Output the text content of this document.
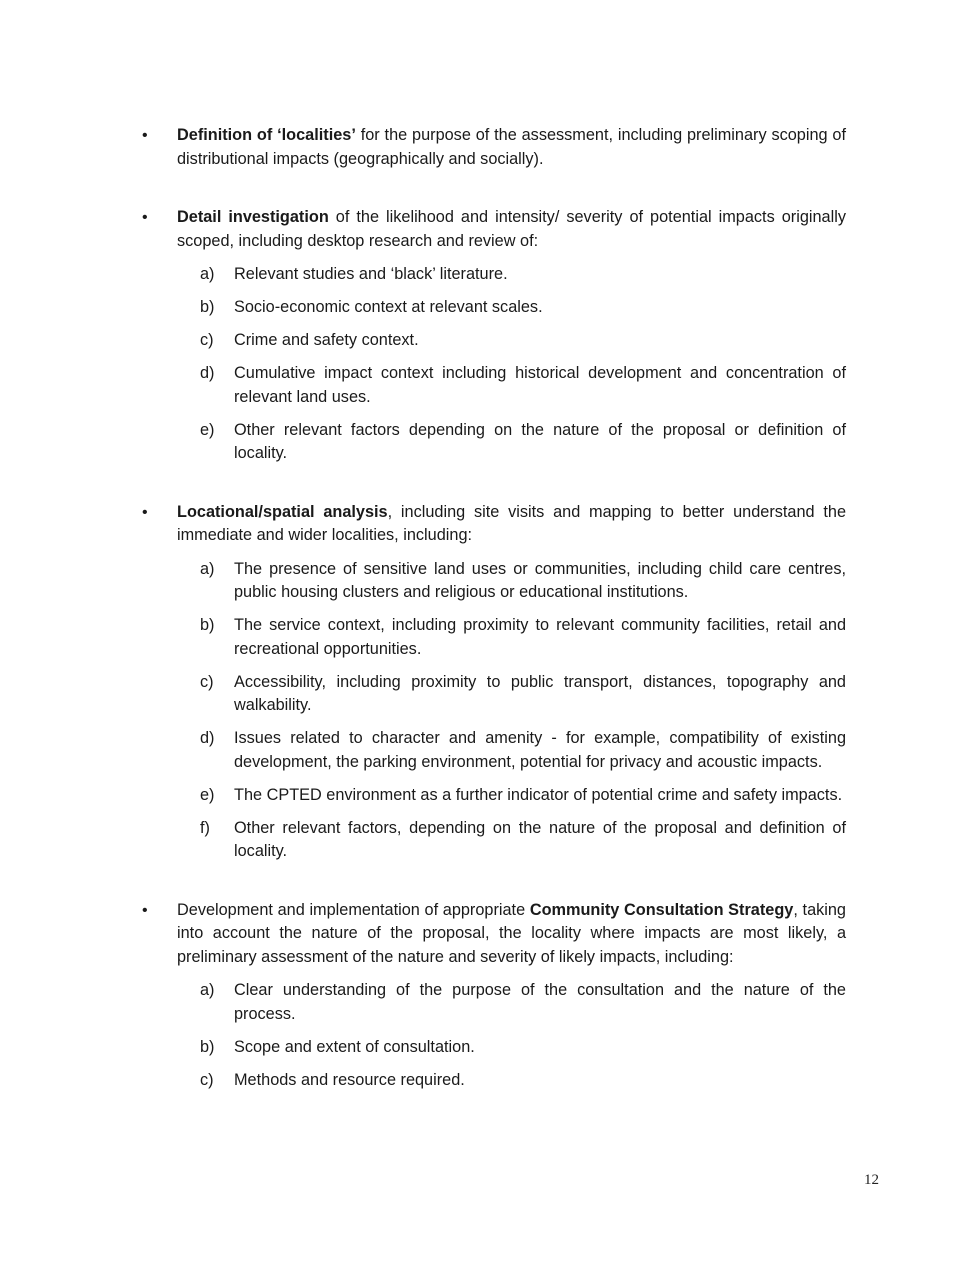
• Definition of ‘localities’ for the purpose of the assessment, including preliminary scoping of distributional impacts (geographically and socially).

• Detail investigation of the likelihood and intensity/ severity of potential impacts originally scoped, including desktop research and review of:

a) Relevant studies and ‘black’ literature.
b) Socio-economic context at relevant scales.
c) Crime and safety context.
d) Cumulative impact context including historical development and concentration of relevant land uses.
e) Other relevant factors depending on the nature of the proposal or definition of locality.
• Locational/spatial analysis, including site visits and mapping to better understand the immediate and wider localities, including:

a) The presence of sensitive land uses or communities, including child care centres, public housing clusters and religious or educational institutions.
b) The service context, including proximity to relevant community facilities, retail and recreational opportunities.
c) Accessibility, including proximity to public transport, distances, topography and walkability.
d) Issues related to character and amenity - for example, compatibility of existing development, the parking environment, potential for privacy and acoustic impacts.
e) The CPTED environment as a further indicator of potential crime and safety impacts.
f) Other relevant factors, depending on the nature of the proposal and definition of locality.
• Development and implementation of appropriate Community Consultation Strategy, taking into account the nature of the proposal, the locality where impacts are most likely, a preliminary assessment of the nature and severity of likely impacts, including:

a) Clear understanding of the purpose of the consultation and the nature of the process.
b) Scope and extent of consultation.
c) Methods and resource required.
12
